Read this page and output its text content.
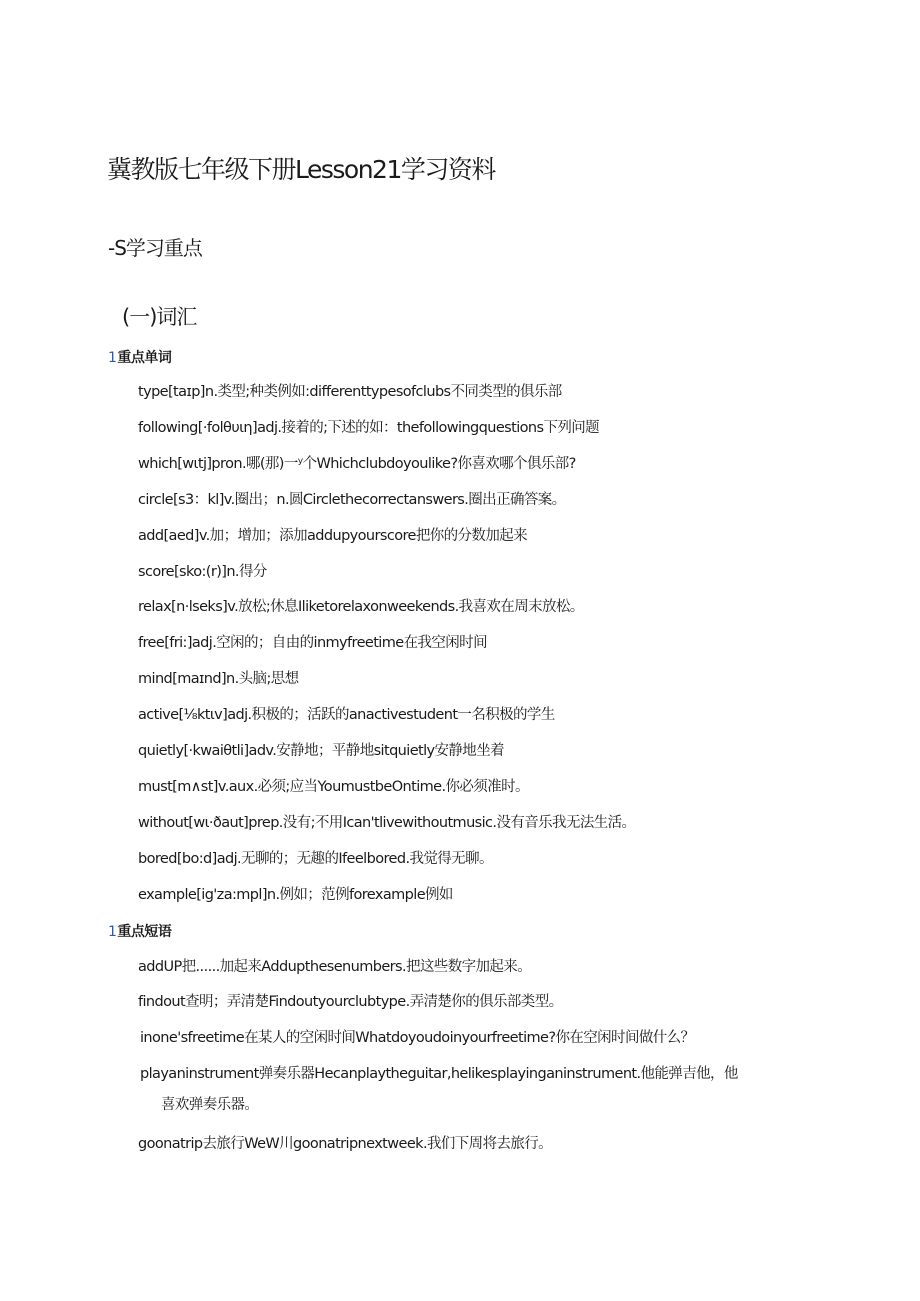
冀教版七年级下册Lesson21学习资料
-S学习重点
(一)词汇
1重点单词
type[taɪp]n.类型;种类例如:differenttypesofclubs不同类型的俱乐部
following[·folθυιη]adj.接着的;下述的如：thefollowingquestions下列问题
which[wιtj]pron.哪(那)一ʸ个Whichclubdoyoulike?你喜欢哪个俱乐部?
circle[s3：kl]v.圈出；n.圆Circlethecorrectanswers.圈出正确答案。
add[aed]v.加；增加；添加addupyourscore把你的分数加起来
score[sko:(r)]n.得分
relax[n·lseks]v.放松;休息Iliketorelaxonweekends.我喜欢在周末放松。
free[fri:]adj.空闲的；自由的inmyfreetime在我空闲时间
mind[maɪnd]n.头脑;思想
active[⅛ktιv]adj.积极的；活跃的anactivestudent一名积极的学生
quietly[·kwaiθtli]adv.安静地；平静地sitquietly安静地坐着
must[m∧st]v.aux.必须;应当YoumustbeOntime.你必须准时。
without[wι·ðaut]prep.没有;不用Ican'tlivewithoutmusic.没有音乐我无法生活。
bored[bo:d]adj.无聊的；无趣的Ifeelbored.我觉得无聊。
example[ig'za:mpl]n.例如；范例forexample例如
1重点短语
addUP把......加起来Addupthesenumbers.把这些数字加起来。
findout查明；弄清楚Findoutyourclubtype.弄清楚你的俱乐部类型。
inone'sfreetime在某人的空闲时间Whatdoyoudoinyourfreetime?你在空闲时间做什么？
playaninstrument弹奏乐器Hecanplaytheguitar,helikesplayinganinstrument.他能弹吉他，他
喜欢弹奏乐器。
goonatrip去旅行WeW川goonatripnextweek.我们下周将去旅行。
